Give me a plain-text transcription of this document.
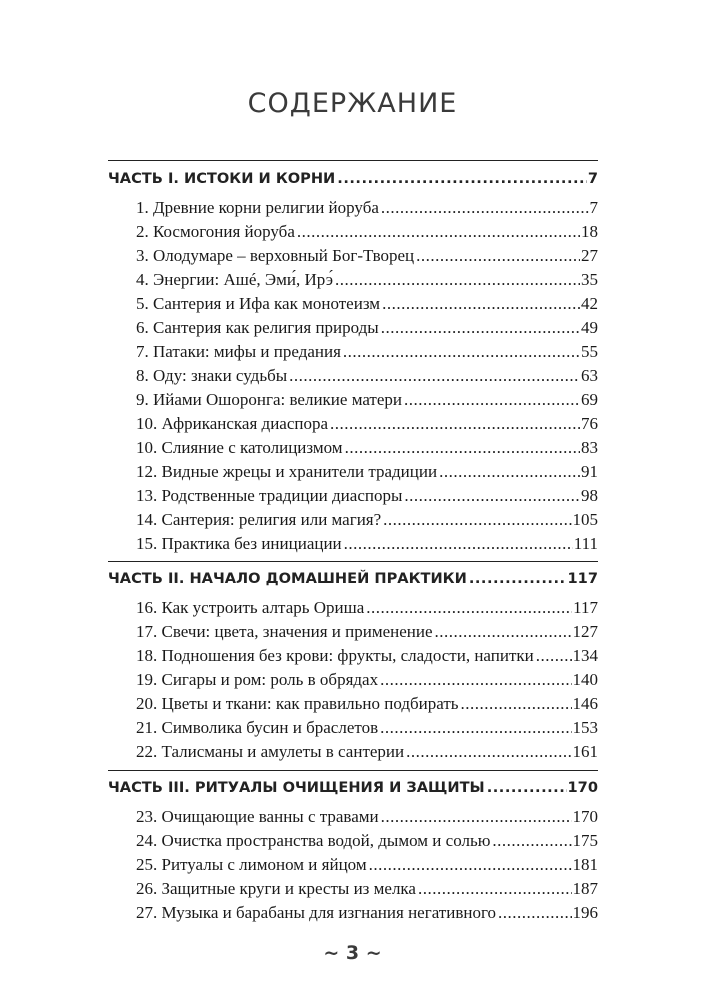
СОДЕРЖАНИЕ
ЧАСТЬ I. ИСТОКИ И КОРНИ .....	7
1. Древние корни религии йоруба .....	7
2. Космогония йоруба .....	18
3. Олодумаре – верховный Бог-Творец .....	27
4. Энергии: Ашé, Эми́, Ирэ́ .....	35
5. Сантерия и Ифа как монотеизм .....	42
6. Сантерия как религия природы .....	49
7. Патаки: мифы и предания .....	55
8. Оду: знаки судьбы .....	63
9. Ийами Ошоронга: великие матери .....	69
10. Африканская диаспора .....	76
10. Слияние с католицизмом .....	83
12. Видные жрецы и хранители традиции .....	91
13. Родственные традиции диаспоры .....	98
14. Сантерия: религия или магия? .....	105
15. Практика без инициации .....	111
ЧАСТЬ II. НАЧАЛО ДОМАШНЕЙ ПРАКТИКИ .....	117
16. Как устроить алтарь Ориша .....	117
17. Свечи: цвета, значения и применение .....	127
18. Подношения без крови: фрукты, сладости, напитки ..... 134
19. Сигары и ром: роль в обрядах .....	140
20. Цветы и ткани: как правильно подбирать .....	146
21. Символика бусин и браслетов .....	153
22. Талисманы и амулеты в сантерии .....	161
ЧАСТЬ III. РИТУАЛЫ ОЧИЩЕНИЯ И ЗАЩИТЫ .....	170
23. Очищающие ванны с травами .....	170
24. Очистка пространства водой, дымом и солью .....	175
25. Ритуалы с лимоном и яйцом .....	181
26. Защитные круги и кресты из мелка .....	187
27. Музыка и барабаны для изгнания негативного .....	196
~ 3 ~
